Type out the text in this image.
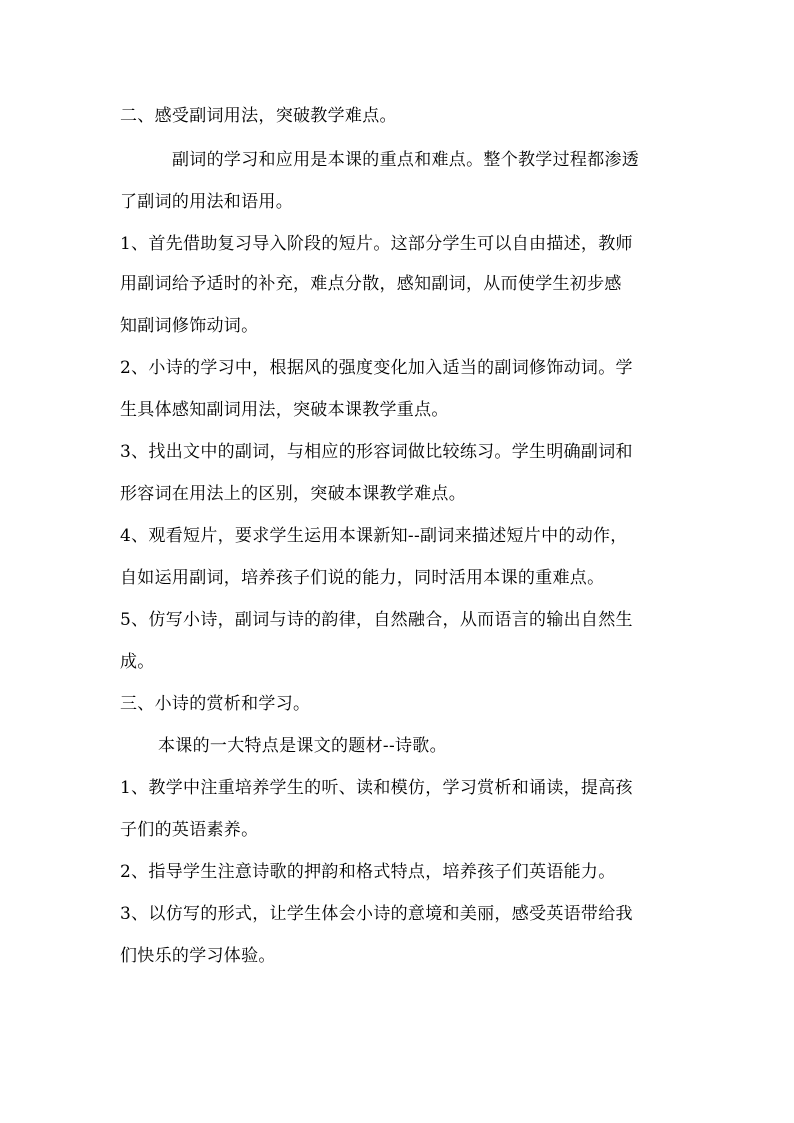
二、感受副词用法，突破教学难点。
副词的学习和应用是本课的重点和难点。整个教学过程都渗透
了副词的用法和语用。
1、首先借助复习导入阶段的短片。这部分学生可以自由描述，教师
用副词给予适时的补充，难点分散，感知副词，从而使学生初步感
知副词修饰动词。
2、小诗的学习中，根据风的强度变化加入适当的副词修饰动词。学
生具体感知副词用法，突破本课教学重点。
3、找出文中的副词，与相应的形容词做比较练习。学生明确副词和
形容词在用法上的区别，突破本课教学难点。
4、观看短片，要求学生运用本课新知--副词来描述短片中的动作，
自如运用副词，培养孩子们说的能力，同时活用本课的重难点。
5、仿写小诗，副词与诗的韵律，自然融合，从而语言的输出自然生
成。
三、小诗的赏析和学习。
本课的一大特点是课文的题材--诗歌。
1、教学中注重培养学生的听、读和模仿，学习赏析和诵读，提高孩
子们的英语素养。
2、指导学生注意诗歌的押韵和格式特点，培养孩子们英语能力。
3、以仿写的形式，让学生体会小诗的意境和美丽，感受英语带给我
们快乐的学习体验。
